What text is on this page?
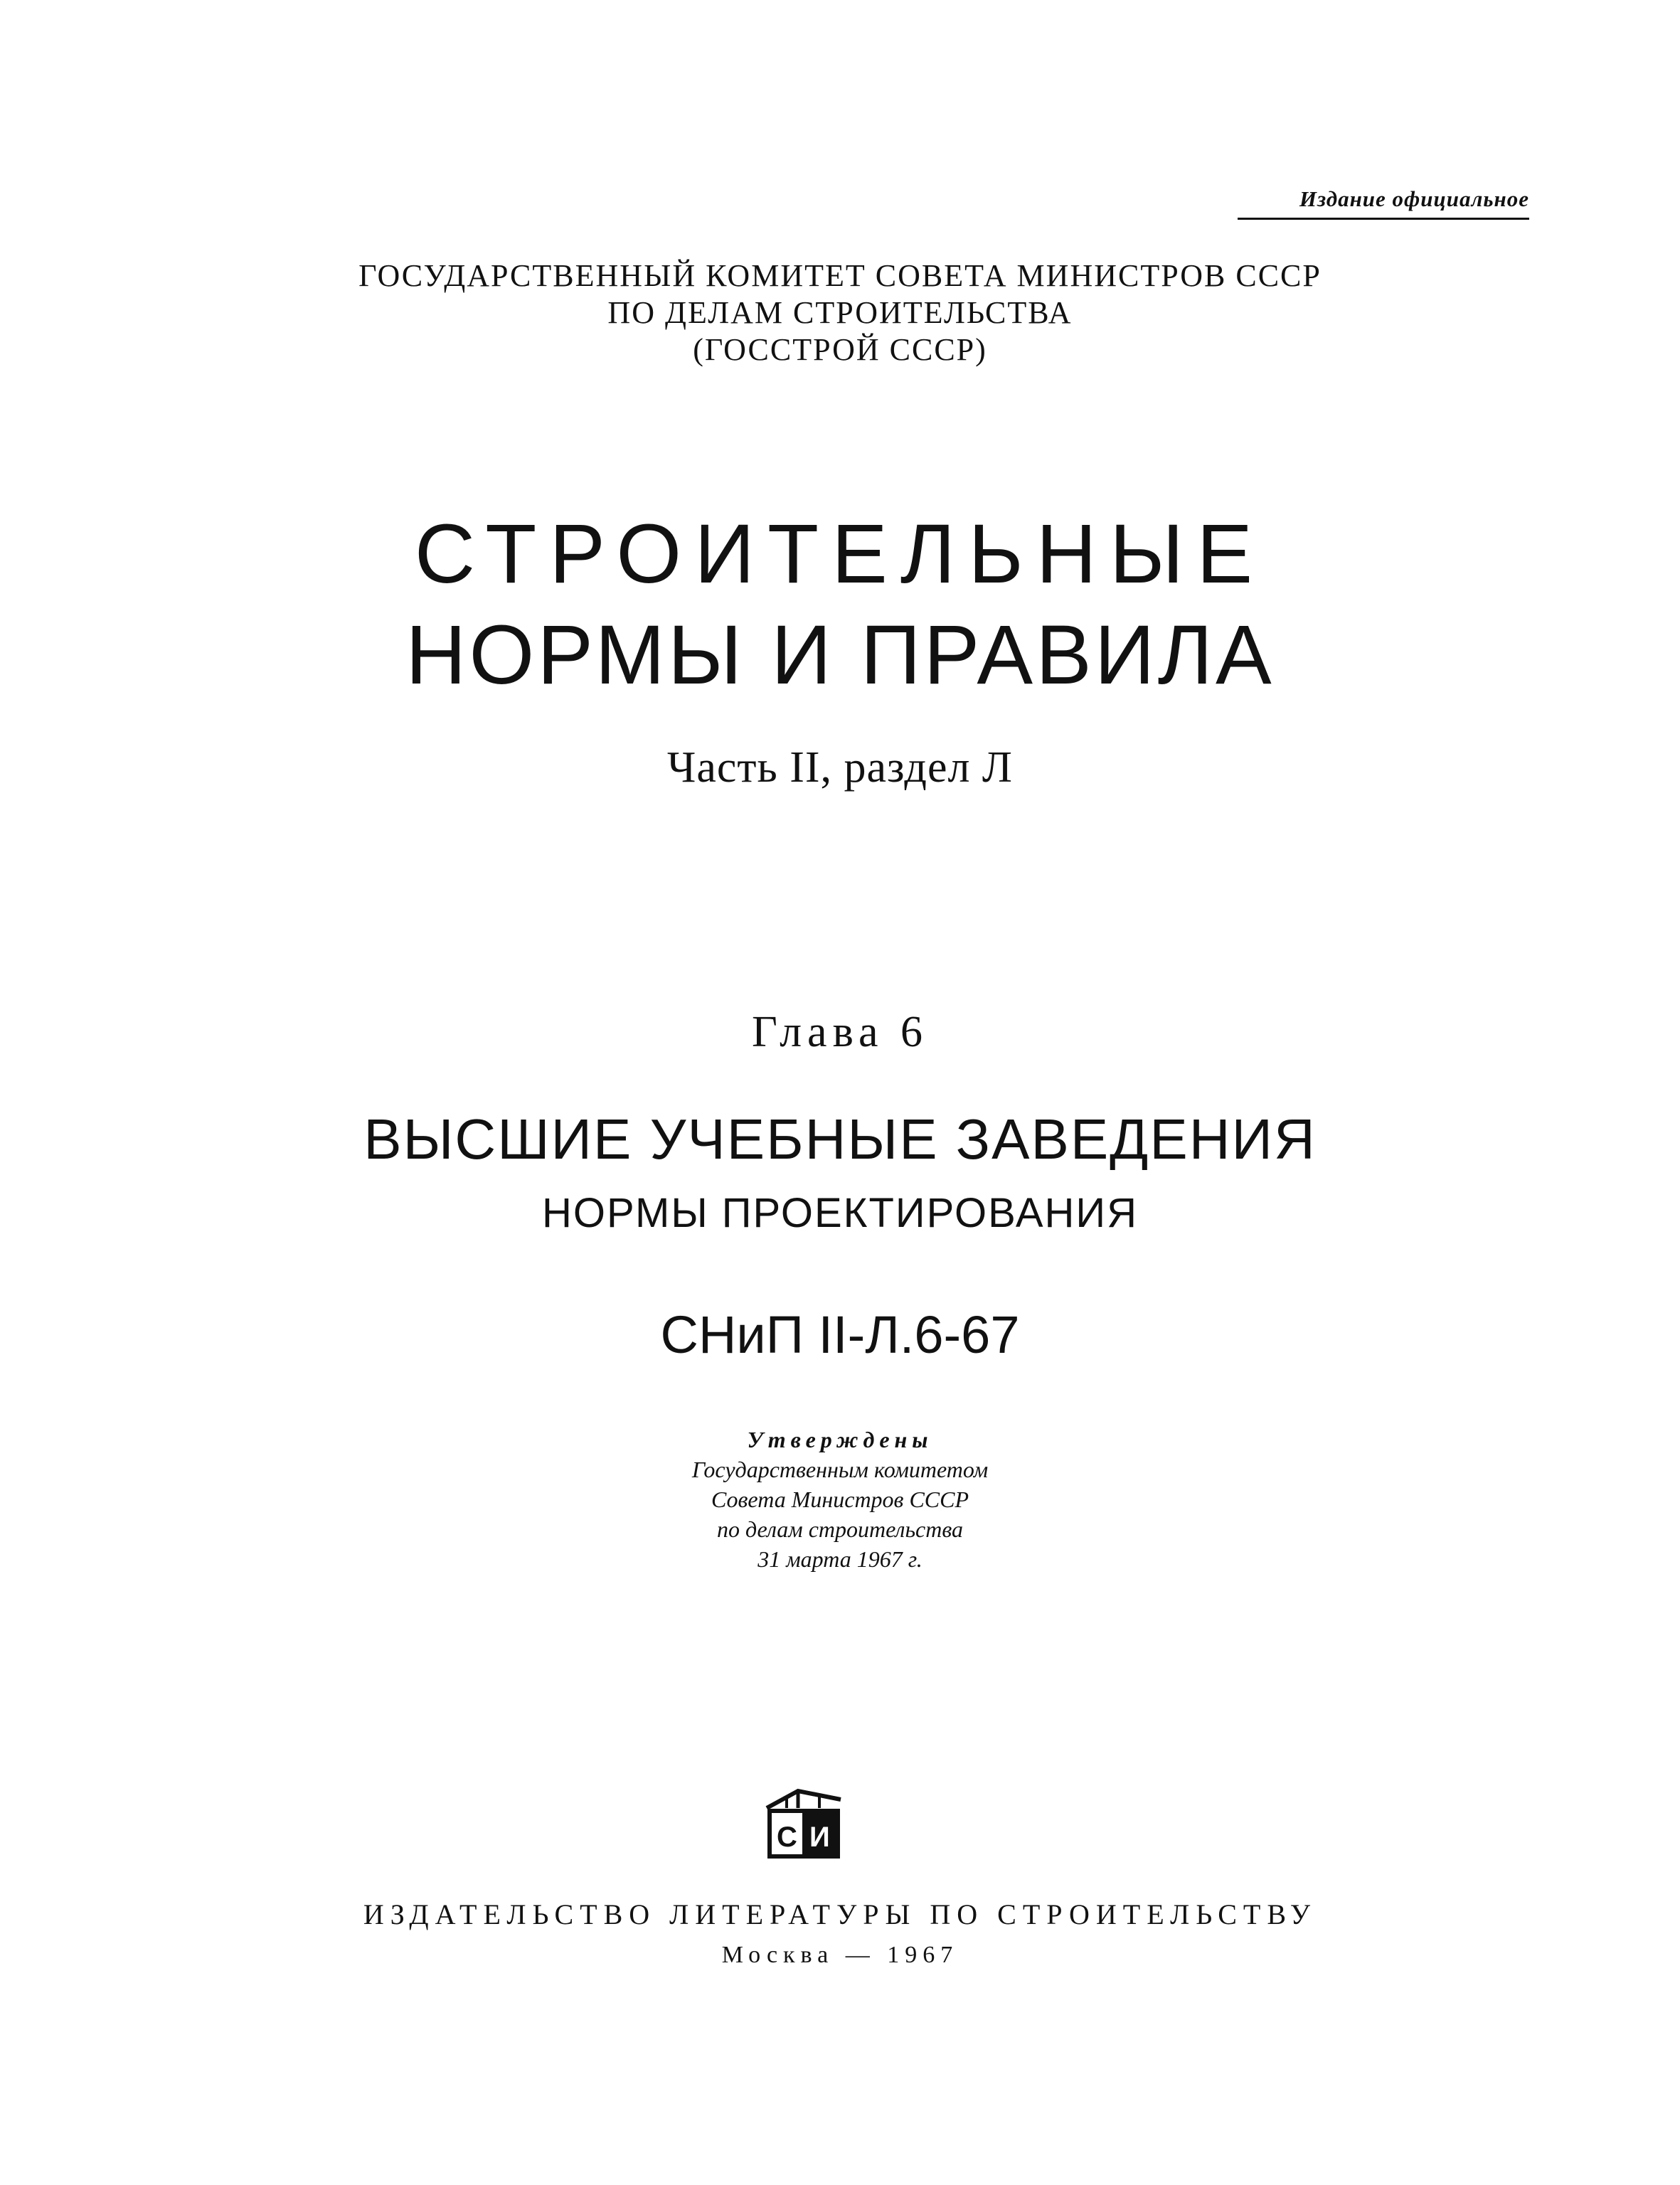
Издание официальное
ГОСУДАРСТВЕННЫЙ КОМИТЕТ СОВЕТА МИНИСТРОВ СССР
ПО ДЕЛАМ СТРОИТЕЛЬСТВА
(ГОССТРОЙ СССР)
СТРОИТЕЛЬНЫЕ
НОРМЫ И ПРАВИЛА
Часть II, раздел Л
Глава 6
ВЫСШИЕ УЧЕБНЫЕ ЗАВЕДЕНИЯ
НОРМЫ ПРОЕКТИРОВАНИЯ
СНиП II-Л.6-67
Утверждены
Государственным комитетом
Совета Министров СССР
по делам строительства
31 марта 1967 г.
С И
ИЗДАТЕЛЬСТВО ЛИТЕРАТУРЫ ПО СТРОИТЕЛЬСТВУ
Москва — 1967
